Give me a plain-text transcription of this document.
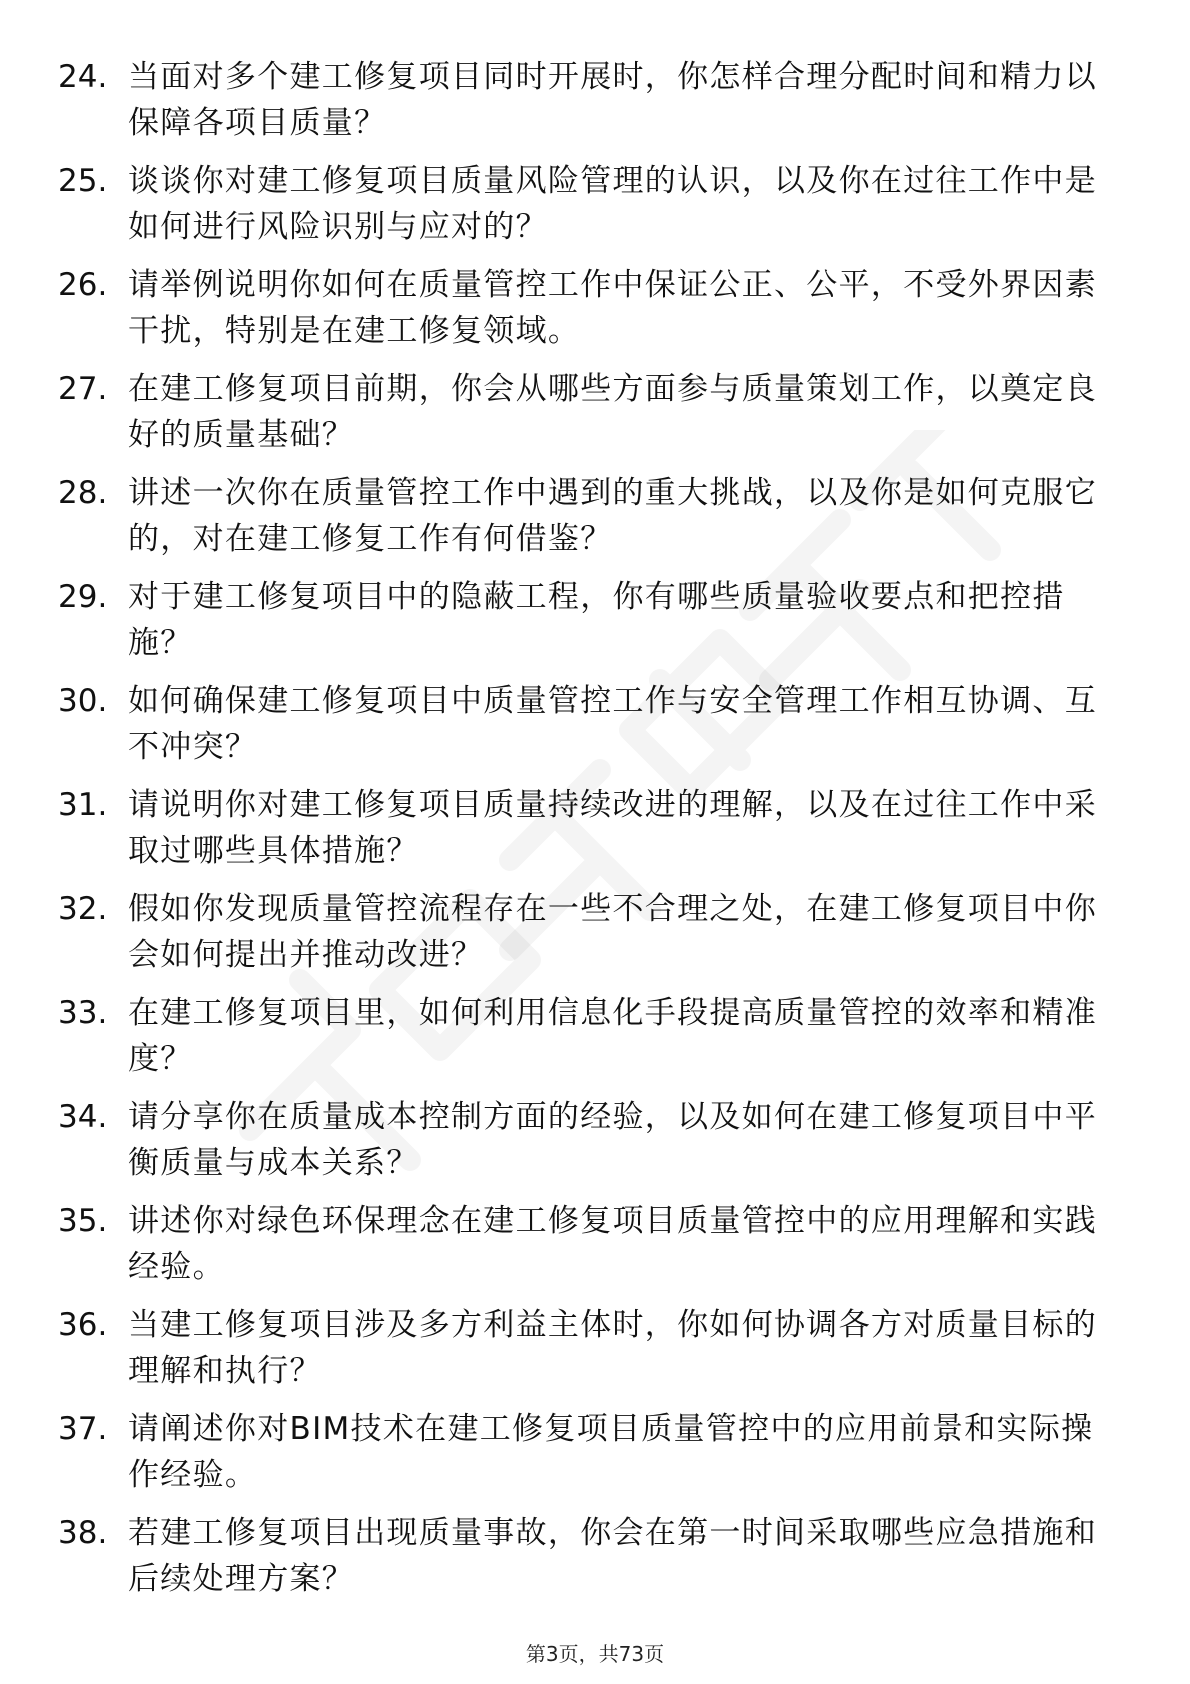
24. 当面对多个建工修复项目同时开展时，你怎样合理分配时间和精力以保障各项目质量？
25. 谈谈你对建工修复项目质量风险管理的认识，以及你在过往工作中是如何进行风险识别与应对的？
26. 请举例说明你如何在质量管控工作中保证公正、公平，不受外界因素干扰，特别是在建工修复领域。
27. 在建工修复项目前期，你会从哪些方面参与质量策划工作，以奠定良好的质量基础？
28. 讲述一次你在质量管控工作中遇到的重大挑战，以及你是如何克服它的，对在建工修复工作有何借鉴？
29. 对于建工修复项目中的隐蔽工程，你有哪些质量验收要点和把控措施？
30. 如何确保建工修复项目中质量管控工作与安全管理工作相互协调、互不冲突？
31. 请说明你对建工修复项目质量持续改进的理解，以及在过往工作中采取过哪些具体措施？
32. 假如你发现质量管控流程存在一些不合理之处，在建工修复项目中你会如何提出并推动改进？
33. 在建工修复项目里，如何利用信息化手段提高质量管控的效率和精准度？
34. 请分享你在质量成本控制方面的经验，以及如何在建工修复项目中平衡质量与成本关系？
35. 讲述你对绿色环保理念在建工修复项目质量管控中的应用理解和实践经验。
36. 当建工修复项目涉及多方利益主体时，你如何协调各方对质量目标的理解和执行？
37. 请阐述你对BIM技术在建工修复项目质量管控中的应用前景和实际操作经验。
38. 若建工修复项目出现质量事故，你会在第一时间采取哪些应急措施和后续处理方案？
第3页，共73页
